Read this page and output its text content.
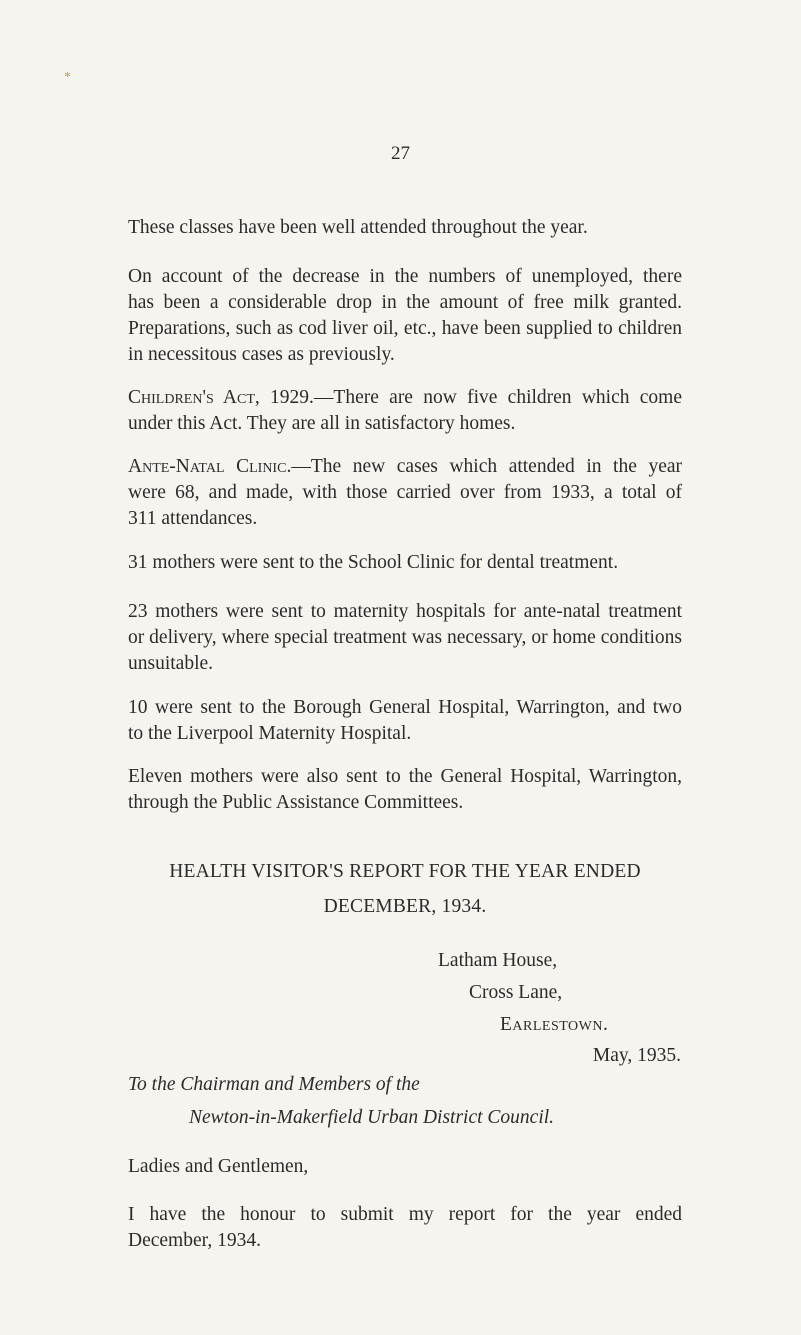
*
27
These classes have been well attended throughout the year.
On account of the decrease in the numbers of unemployed, there
has been a considerable drop in the amount of free milk granted.
Preparations, such as cod liver oil, etc., have been supplied to children
in necessitous cases as previously.
Children's Act, 1929.—There are now five children which come
under this Act. They are all in satisfactory homes.
Ante-Natal Clinic.—The new cases which attended in the year
were 68, and made, with those carried over from 1933, a total of
311 attendances.
31 mothers were sent to the School Clinic for dental treatment.
23 mothers were sent to maternity hospitals for ante-natal treatment
or delivery, where special treatment was necessary, or home conditions
unsuitable.
10 were sent to the Borough General Hospital, Warrington, and two
to the Liverpool Maternity Hospital.
Eleven mothers were also sent to the General Hospital, Warrington,
through the Public Assistance Committees.
HEALTH VISITOR'S REPORT FOR THE YEAR ENDED
DECEMBER, 1934.
Latham House,
Cross Lane,
Earlestown.
May, 1935.
To the Chairman and Members of the
Newton-in-Makerfield Urban District Council.
Ladies and Gentlemen,
I have the honour to submit my report for the year ended
December, 1934.
